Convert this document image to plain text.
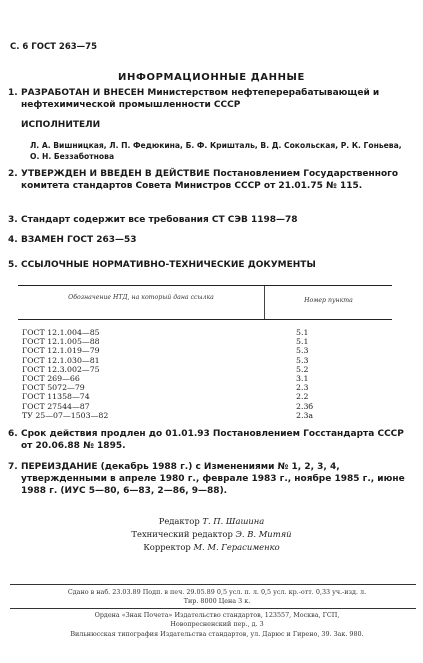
С. 6 ГОСТ 263—75
ИНФОРМАЦИОННЫЕ ДАННЫЕ
1. РАЗРАБОТАН И ВНЕСЕН Министерством нефтеперерабатывающей и нефтехимической промышленности СССР
ИСПОЛНИТЕЛИ
Л. А. Вишницкая, Л. П. Федюкина, Б. Ф. Кришталь, В. Д. Сокольская, Р. К. Гоньева, О. Н. Беззаботнова
2. УТВЕРЖДЕН И ВВЕДЕН В ДЕЙСТВИЕ Постановлением Государственного комитета стандартов Совета Министров СССР от 21.01.75 № 115.
3. Стандарт содержит все требования СТ СЭВ 1198—78
4. ВЗАМЕН ГОСТ 263—53
5. ССЫЛОЧНЫЕ НОРМАТИВНО-ТЕХНИЧЕСКИЕ ДОКУМЕНТЫ
Обозначение НТД, на который дана ссылка	Номер пункта
ГОСТ 12.1.004—85	5.1
ГОСТ 12.1.005—88	5.1
ГОСТ 12.1.019—79	5.3
ГОСТ 12.1.030—81	5.3
ГОСТ 12.3.002—75	5.2
ГОСТ 269—66	3.1
ГОСТ 5072—79	2.3
ГОСТ 11358—74	2.2
ГОСТ 27544—87	2.3б
ТУ 25—07—1503—82	2.3а
6. Срок действия продлен до 01.01.93 Постановлением Госстандарта СССР от 20.06.88 № 1895.
7. ПЕРЕИЗДАНИЕ (декабрь 1988 г.) с Изменениями № 1, 2, 3, 4, утвержденными в апреле 1980 г., феврале 1983 г., ноябре 1985 г., июне 1988 г. (ИУС 5—80, 6—83, 2—86, 9—88).
Редактор Т. П. Шашина
Технический редактор Э. В. Митяй
Корректор М. М. Герасименко
Сдано в наб. 23.03.89 Подп. в печ. 29.05.89 0,5 усл. п. л. 0,5 усл. кр.-отт. 0,33 уч.-изд. л.
Тир. 8000 Цена 3 к.
Ордена «Знак Почета» Издательство стандартов, 123557, Москва, ГСП,
Новопресненский пер., д. 3
Вильнюсская типография Издательства стандартов, ул. Дарюс и Гирено, 39. Зак. 980.
